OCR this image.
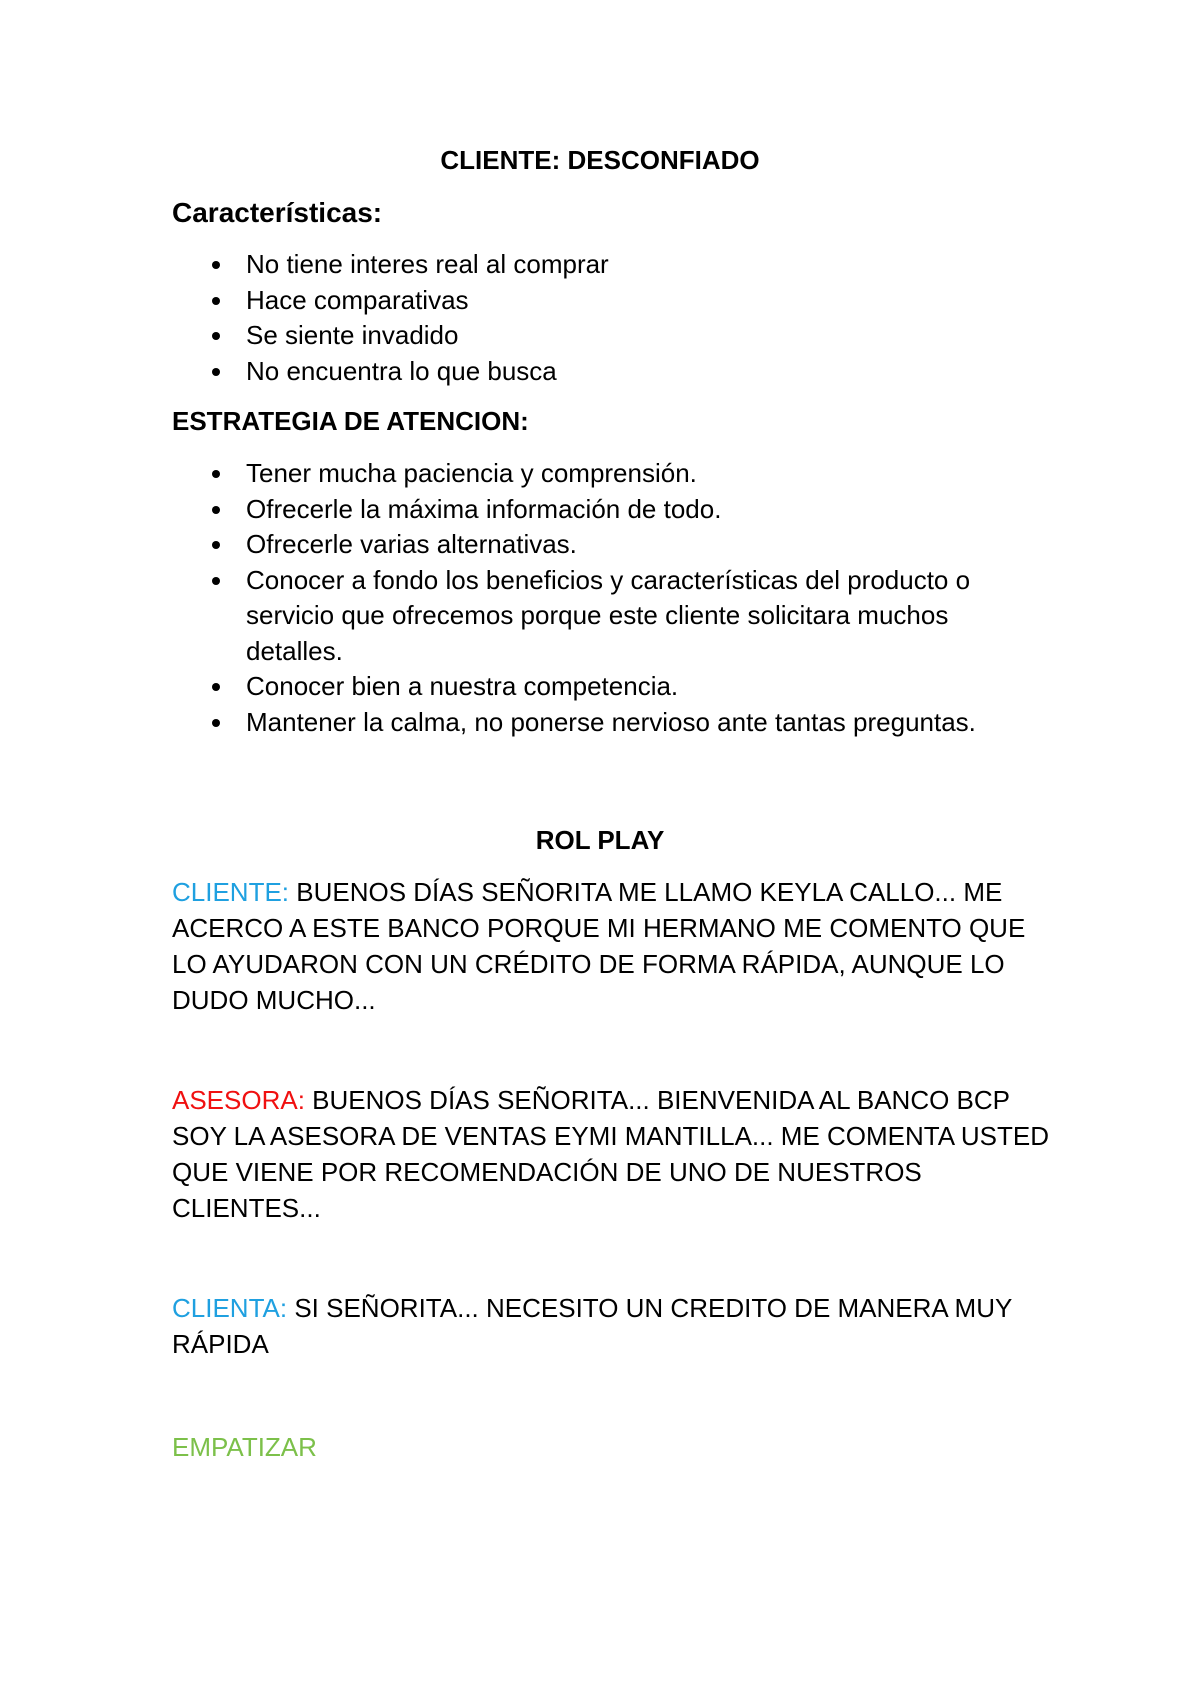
CLIENTE: DESCONFIADO
Características:
No tiene interes real al comprar
Hace comparativas
Se siente invadido
No encuentra lo que busca
ESTRATEGIA DE ATENCION:
Tener mucha paciencia y comprensión.
Ofrecerle la máxima información de todo.
Ofrecerle varias alternativas.
Conocer a fondo los beneficios y características del producto o servicio que ofrecemos porque este cliente solicitara muchos detalles.
Conocer bien a nuestra competencia.
Mantener la calma, no ponerse nervioso ante tantas preguntas.
ROL PLAY
CLIENTE: BUENOS DÍAS SEÑORITA ME LLAMO KEYLA CALLO... ME ACERCO A ESTE BANCO PORQUE MI HERMANO ME COMENTO QUE LO AYUDARON CON UN CRÉDITO DE FORMA RÁPIDA, AUNQUE LO DUDO MUCHO...
ASESORA: BUENOS DÍAS SEÑORITA... BIENVENIDA AL BANCO BCP SOY LA ASESORA DE VENTAS EYMI MANTILLA... ME COMENTA USTED QUE VIENE POR RECOMENDACIÓN DE UNO DE NUESTROS CLIENTES...
CLIENTA: SI SEÑORITA... NECESITO UN CREDITO DE MANERA MUY RÁPIDA
EMPATIZAR
